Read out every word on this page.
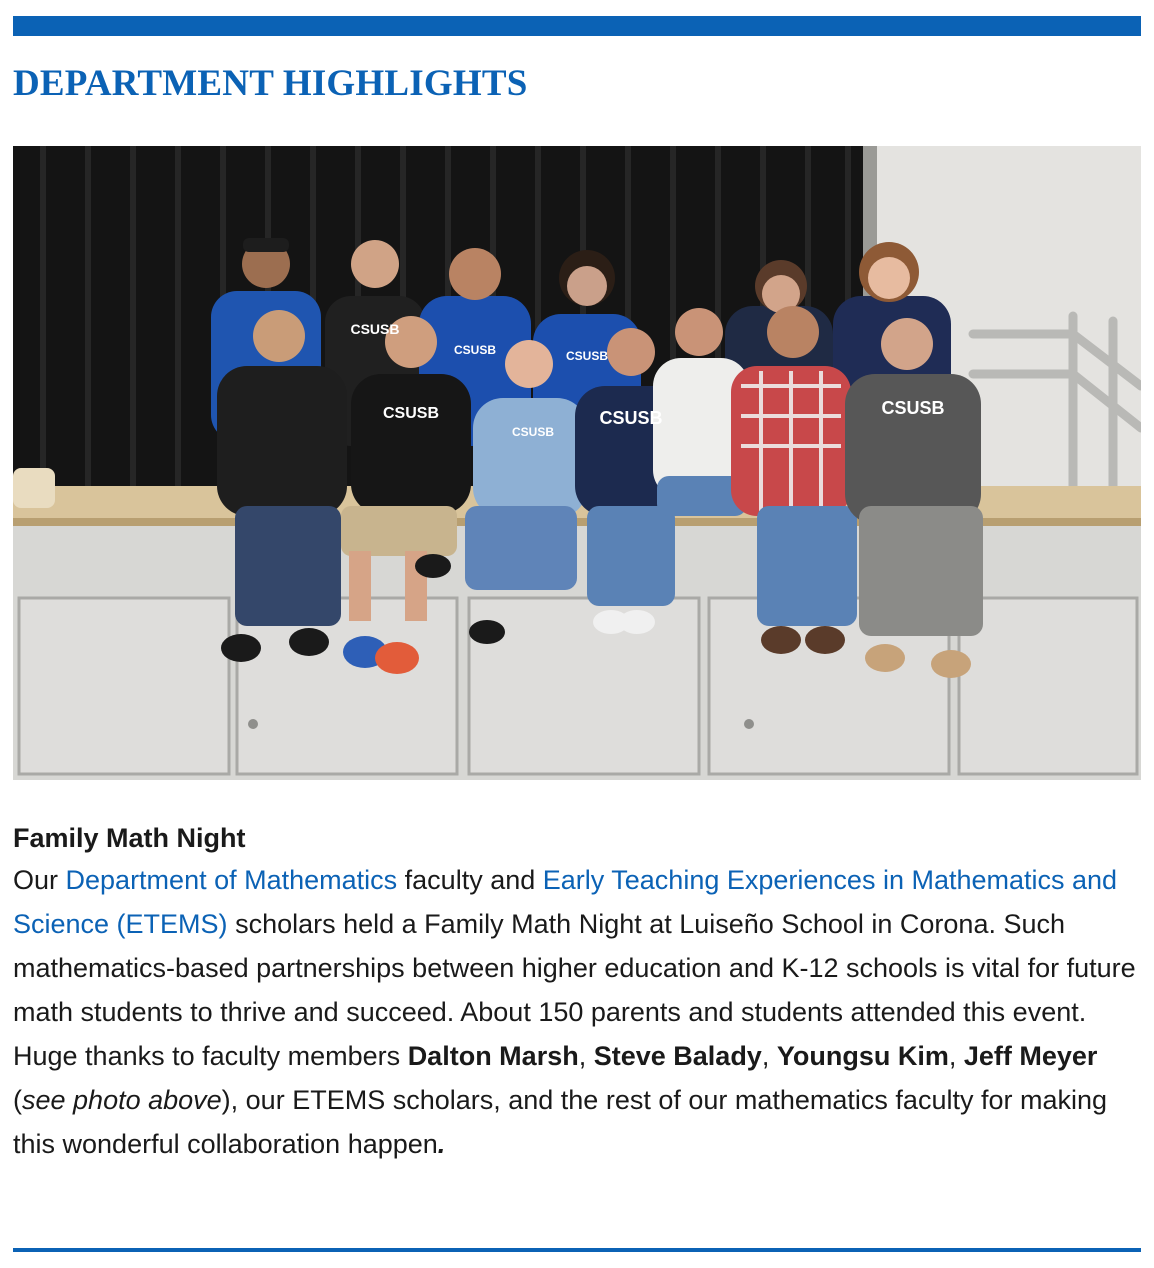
DEPARTMENT HIGHLIGHTS
CSUSB
CSUSB	CSUSB
CSUSB
CSUSB
CSUSB	CSUSB
Family Math Night

Our Department of Mathematics faculty and Early Teaching Experiences in Mathematics and Science (ETEMS) scholars held a Family Math Night at Luiseño School in Corona. Such mathematics-based partnerships between higher education and K-12 schools is vital for future math students to thrive and succeed. About 150 parents and students attended this event. Huge thanks to faculty members Dalton Marsh, Steve Balady, Youngsu Kim, Jeff Meyer (see photo above), our ETEMS scholars, and the rest of our mathematics faculty for making this wonderful collaboration happen.
